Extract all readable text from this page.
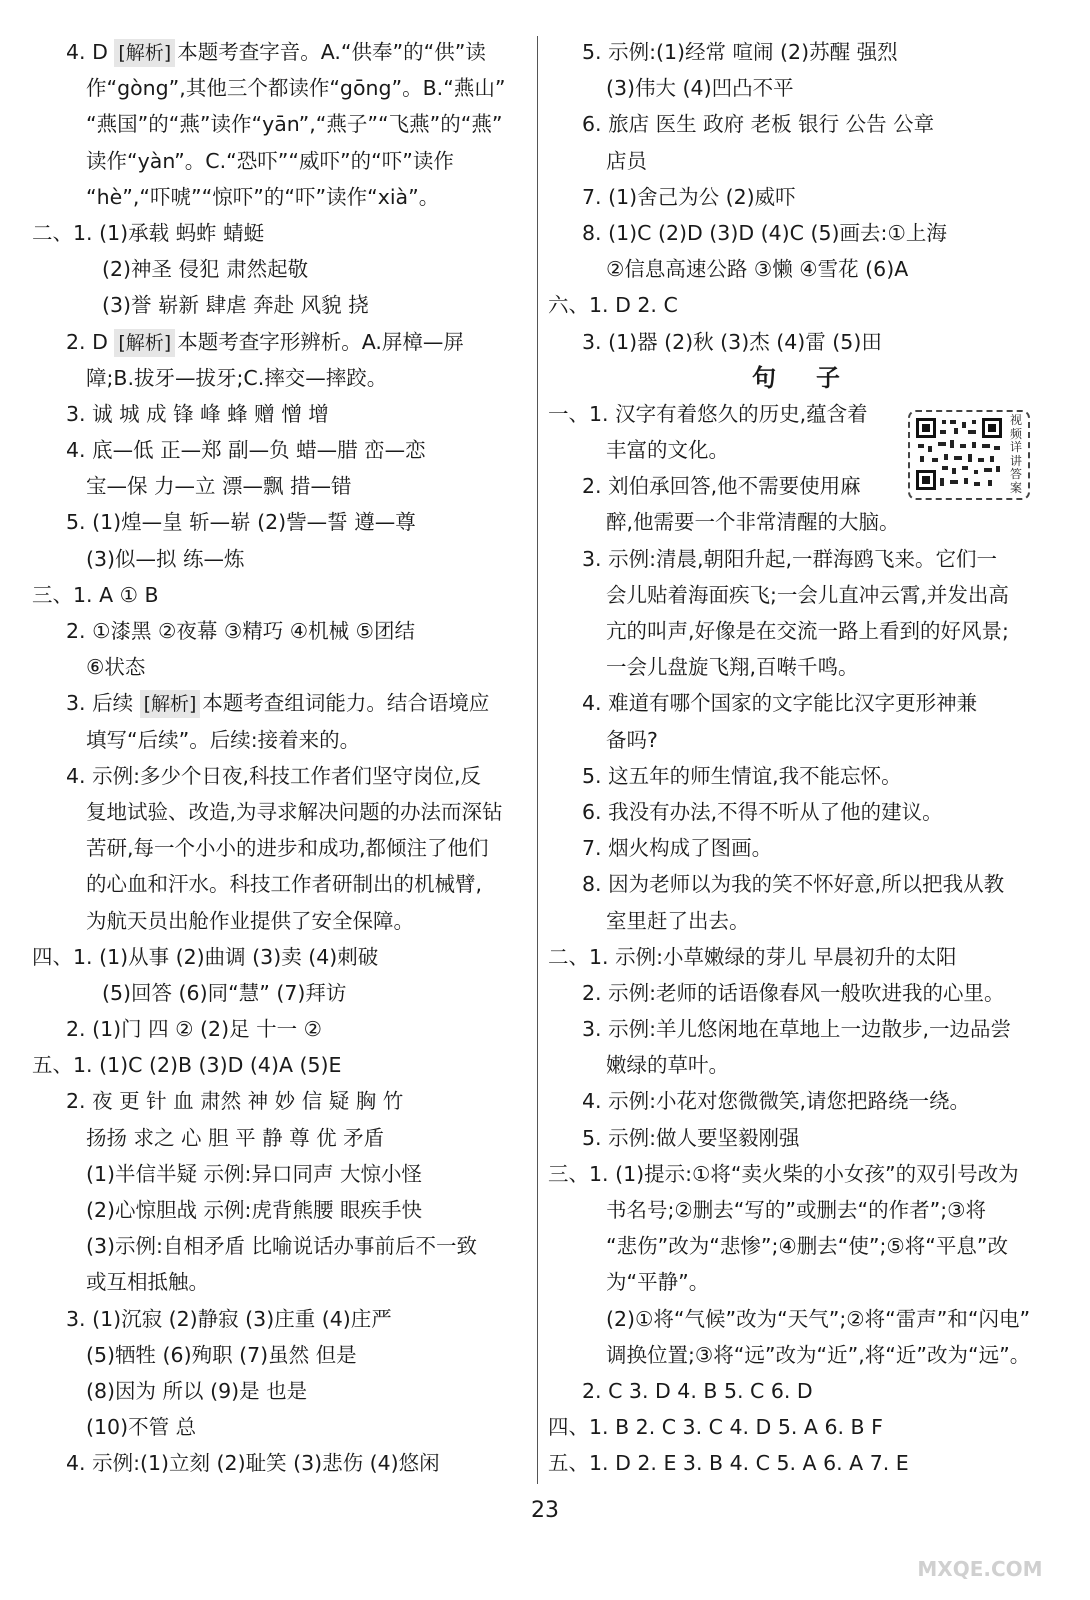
4. D [解析] 本题考查字音。A.“供奉”的“供”读
作“gòng”,其他三个都读作“gōng”。B.“燕山”
“燕国”的“燕”读作“yān”,“燕子”“飞燕”的“燕”
读作“yàn”。C.“恐吓”“威吓”的“吓”读作
“hè”,“吓唬”“惊吓”的“吓”读作“xià”。
二、1. (1)承载 蚂蚱 蜻蜓
(2)神圣 侵犯 肃然起敬
(3)誉 崭新 肆虐 奔赴 风貌 挠
2. D [解析] 本题考查字形辨析。A.屏樟—屏
障;B.拔牙—拔牙;C.摔交—摔跤。
3. 诚 城 成 锋 峰 蜂 赠 憎 增
4. 底—低 正—郑 副—负 蜡—腊 峦—恋
宝—保 力—立 漂—飘 措—错
5. (1)煌—皇 斩—崭 (2)訾—誓 遵—尊
(3)似—拟 练—炼
三、1. A ① B
2. ①漆黑 ②夜幕 ③精巧 ④机械 ⑤团结
⑥状态
3. 后续 [解析] 本题考查组词能力。结合语境应
填写“后续”。后续:接着来的。
4. 示例:多少个日夜,科技工作者们坚守岗位,反
复地试验、改造,为寻求解决问题的办法而深钻
苦研,每一个小小的进步和成功,都倾注了他们
的心血和汗水。科技工作者研制出的机械臂,
为航天员出舱作业提供了安全保障。
四、1. (1)从事 (2)曲调 (3)卖 (4)刺破
(5)回答 (6)同“慧” (7)拜访
2. (1)门 四 ② (2)足 十一 ②
五、1. (1)C (2)B (3)D (4)A (5)E
2. 夜 更 针 血 肃然 神 妙 信 疑 胸 竹
扬扬 求之 心 胆 平 静 尊 优 矛盾
(1)半信半疑 示例:异口同声 大惊小怪
(2)心惊胆战 示例:虎背熊腰 眼疾手快
(3)示例:自相矛盾 比喻说话办事前后不一致
或互相抵触。
3. (1)沉寂 (2)静寂 (3)庄重 (4)庄严
(5)牺牲 (6)殉职 (7)虽然 但是
(8)因为 所以 (9)是 也是
(10)不管 总
4. 示例:(1)立刻 (2)耻笑 (3)悲伤 (4)悠闲
5. 示例:(1)经常 喧闹 (2)苏醒 强烈
(3)伟大 (4)凹凸不平
6. 旅店 医生 政府 老板 银行 公告 公章
店员
7. (1)舍己为公 (2)威吓
8. (1)C (2)D (3)D (4)C (5)画去:①上海
②信息高速公路 ③懒 ④雪花 (6)A
六、1. D 2. C
3. (1)器 (2)秋 (3)杰 (4)雷 (5)田
句子
一、1. 汉字有着悠久的历史,蕴含着
丰富的文化。
2. 刘伯承回答,他不需要使用麻
醉,他需要一个非常清醒的大脑。
3. 示例:清晨,朝阳升起,一群海鸥飞来。它们一
会儿贴着海面疾飞;一会儿直冲云霄,并发出高
亢的叫声,好像是在交流一路上看到的好风景;
一会儿盘旋飞翔,百啭千鸣。
4. 难道有哪个国家的文字能比汉字更形神兼
备吗?
5. 这五年的师生情谊,我不能忘怀。
6. 我没有办法,不得不听从了他的建议。
7. 烟火构成了图画。
8. 因为老师以为我的笑不怀好意,所以把我从教
室里赶了出去。
二、1. 示例:小草嫩绿的芽儿 早晨初升的太阳
2. 示例:老师的话语像春风一般吹进我的心里。
3. 示例:羊儿悠闲地在草地上一边散步,一边品尝
嫩绿的草叶。
4. 示例:小花对您微微笑,请您把路绕一绕。
5. 示例:做人要坚毅刚强
三、1. (1)提示:①将“卖火柴的小女孩”的双引号改为
书名号;②删去“写的”或删去“的作者”;③将
“悲伤”改为“悲惨”;④删去“使”;⑤将“平息”改
为“平静”。
(2)①将“气候”改为“天气”;②将“雷声”和“闪电”
调换位置;③将“远”改为“近”,将“近”改为“远”。
2. C 3. D 4. B 5. C 6. D
四、1. B 2. C 3. C 4. D 5. A 6. B F
五、1. D 2. E 3. B 4. C 5. A 6. A 7. E
视频详讲答案
23
MXQE.COM
